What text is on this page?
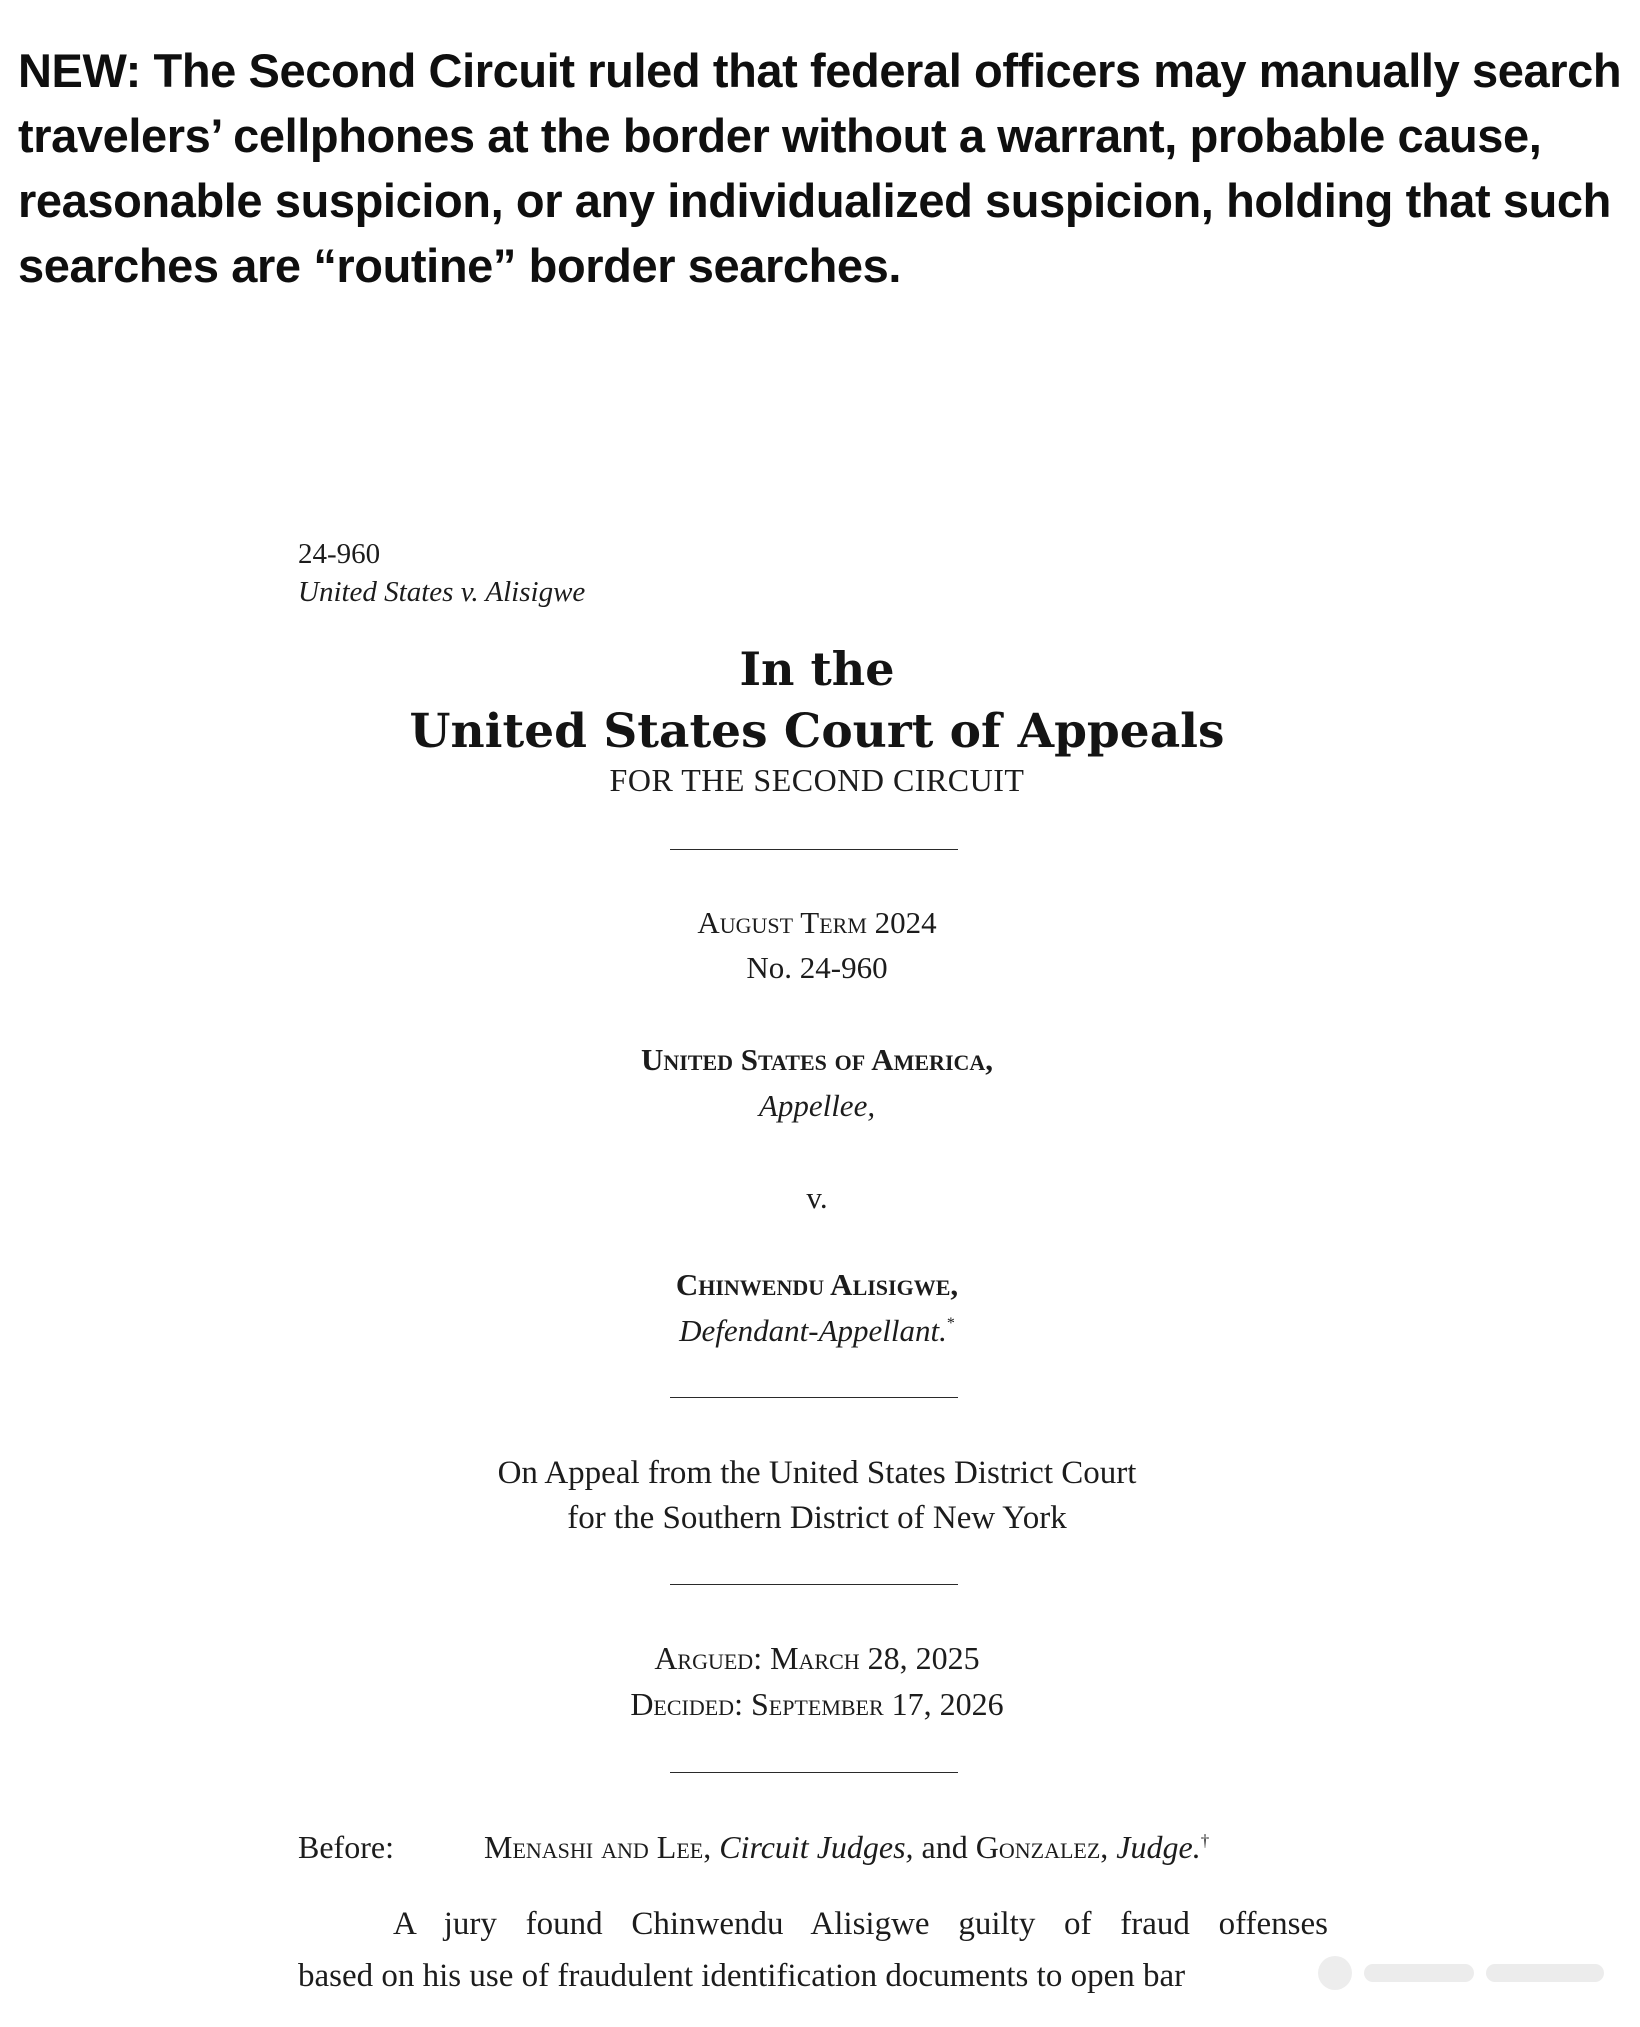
NEW: The Second Circuit ruled that federal officers may manually search travelers’ cellphones at the border without a warrant, probable cause, reasonable suspicion, or any individualized suspicion, holding that such searches are “routine” border searches.

24-960
United States v. Alisigwe
In the
United States Court of Appeals
FOR THE SECOND CIRCUIT
August Term 2024
No. 24-960
United States of America,
Appellee,
v.
Chinwendu Alisigwe,
Defendant-Appellant.*
On Appeal from the United States District Court
for the Southern District of New York
Argued: March 28, 2025
Decided: September 17, 2026
Before:	Menashi and Lee, Circuit Judges, and Gonzalez, Judge.†
A jury found Chinwendu Alisigwe guilty of fraud offenses
based on his use of fraudulent identification documents to open bar
